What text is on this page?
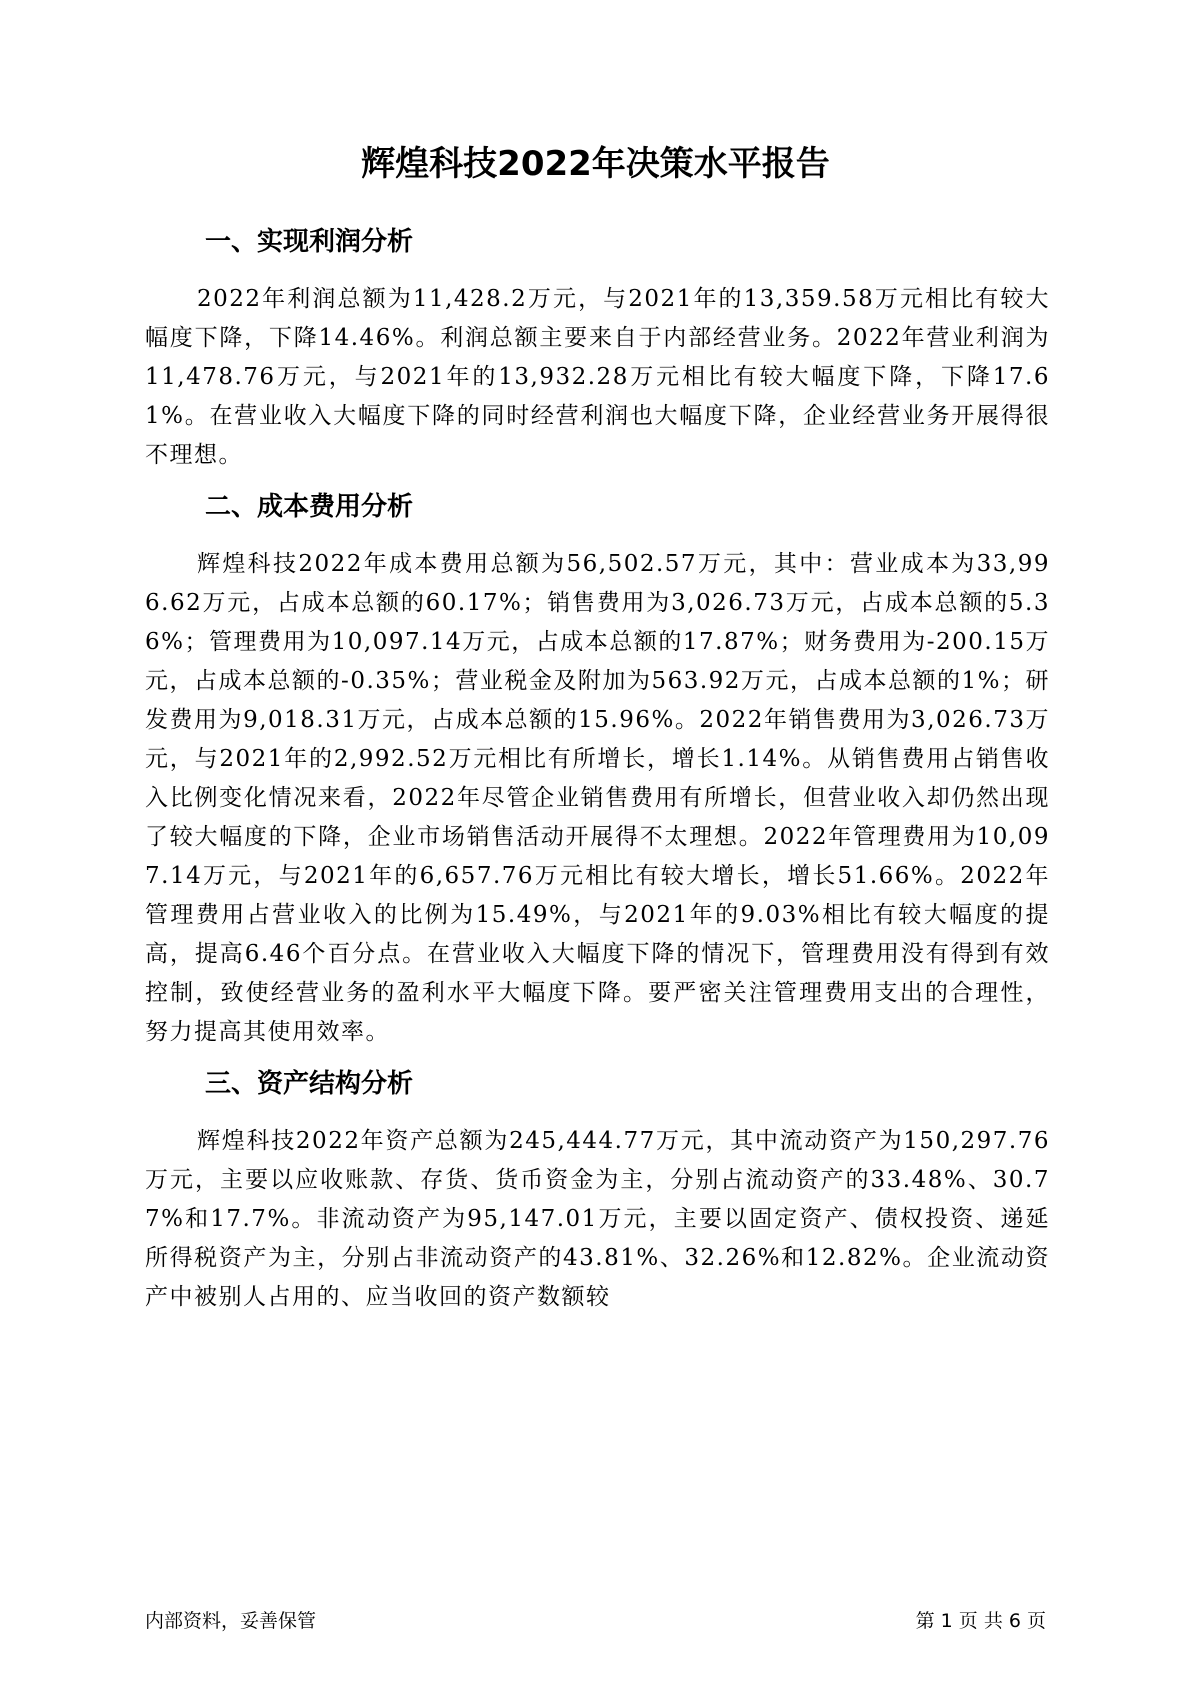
辉煌科技2022年决策水平报告
一、实现利润分析

2022年利润总额为11,428.2万元，与2021年的13,359.58万元相比有较大幅度下降，下降14.46%。利润总额主要来自于内部经营业务。2022年营业利润为11,478.76万元，与2021年的13,932.28万元相比有较大幅度下降，下降17.61%。在营业收入大幅度下降的同时经营利润也大幅度下降，企业经营业务开展得很不理想。

二、成本费用分析

辉煌科技2022年成本费用总额为56,502.57万元，其中：营业成本为33,996.62万元，占成本总额的60.17%；销售费用为3,026.73万元，占成本总额的5.36%；管理费用为10,097.14万元，占成本总额的17.87%；财务费用为-200.15万元，占成本总额的-0.35%；营业税金及附加为563.92万元，占成本总额的1%；研发费用为9,018.31万元，占成本总额的15.96%。2022年销售费用为3,026.73万元，与2021年的2,992.52万元相比有所增长，增长1.14%。从销售费用占销售收入比例变化情况来看，2022年尽管企业销售费用有所增长，但营业收入却仍然出现了较大幅度的下降，企业市场销售活动开展得不太理想。2022年管理费用为10,097.14万元，与2021年的6,657.76万元相比有较大增长，增长51.66%。2022年管理费用占营业收入的比例为15.49%，与2021年的9.03%相比有较大幅度的提高，提高6.46个百分点。在营业收入大幅度下降的情况下，管理费用没有得到有效控制，致使经营业务的盈利水平大幅度下降。要严密关注管理费用支出的合理性，努力提高其使用效率。

三、资产结构分析

辉煌科技2022年资产总额为245,444.77万元，其中流动资产为150,297.76万元，主要以应收账款、存货、货币资金为主，分别占流动资产的33.48%、30.77%和17.7%。非流动资产为95,147.01万元，主要以固定资产、债权投资、递延所得税资产为主，分别占非流动资产的43.81%、32.26%和12.82%。企业流动资产中被别人占用的、应当收回的资产数额较

内部资料，妥善保管	第 1 页 共 6 页
